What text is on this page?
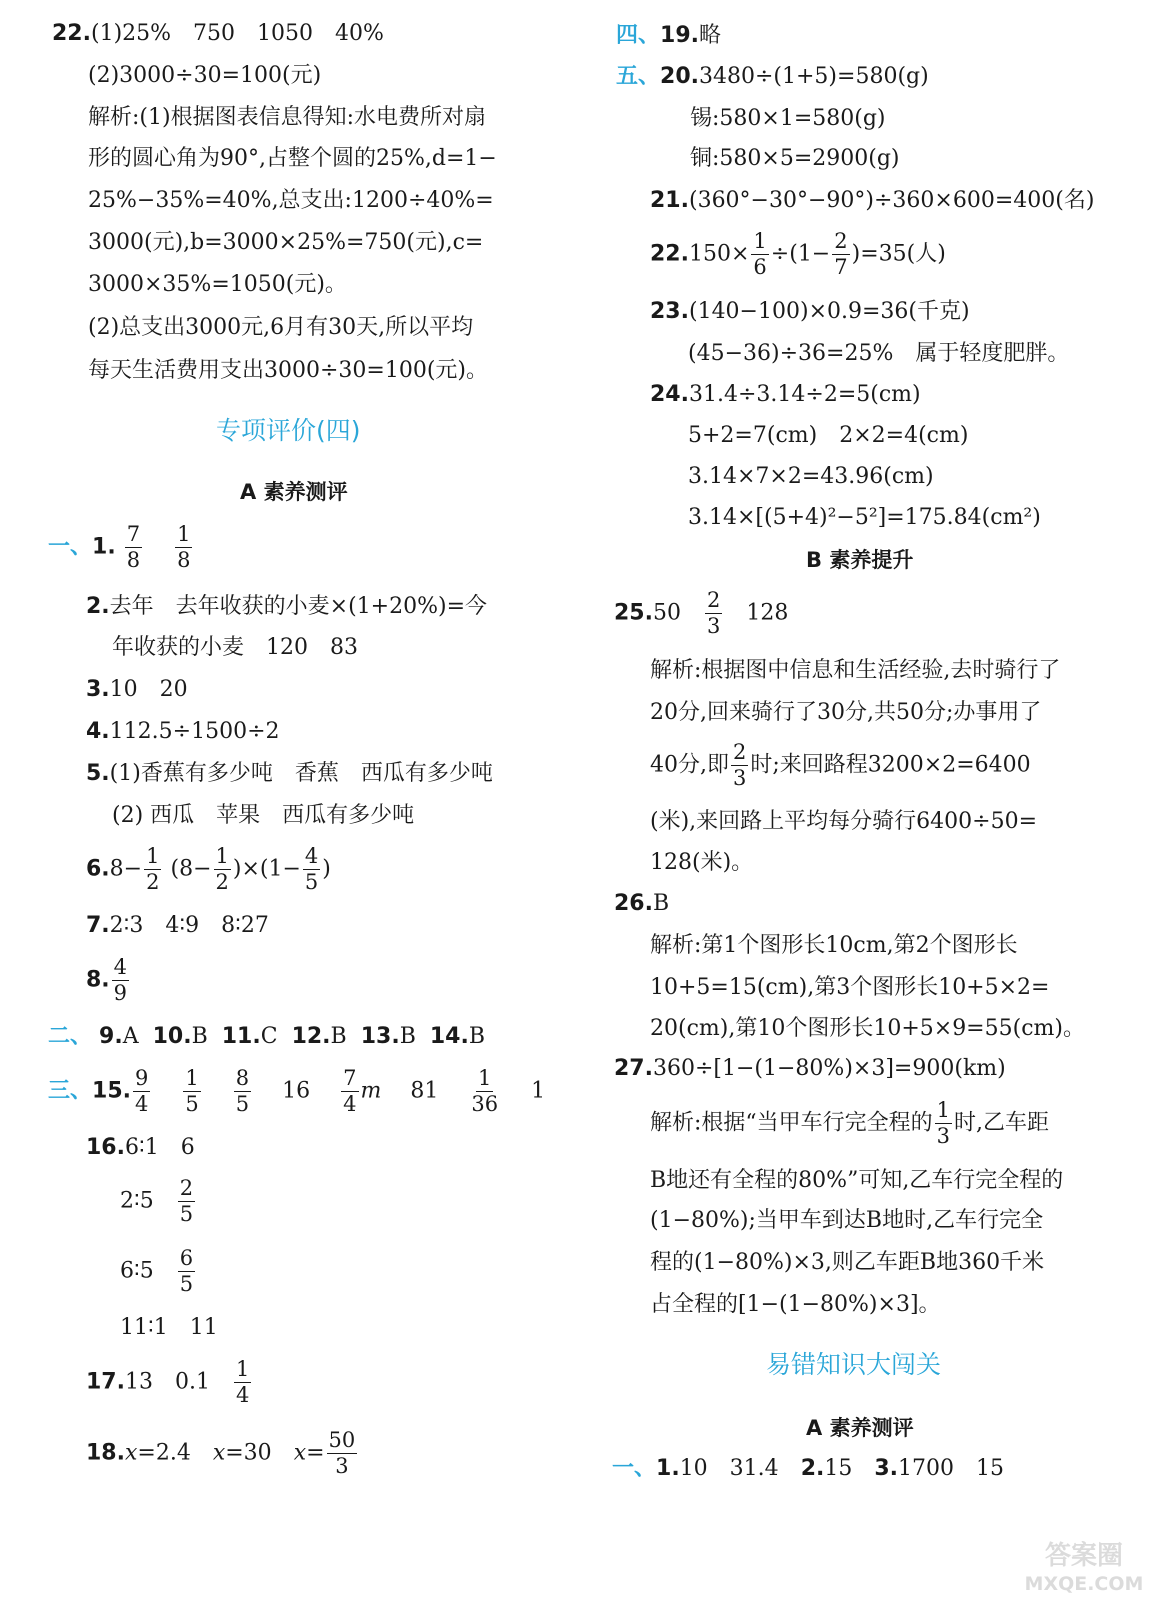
22.(1)25%　750　1050　40%
(2)3000÷30=100(元)
解析:(1)根据图表信息得知:水电费所对扇
形的圆心角为90°,占整个圆的25%,d=1−
25%−35%=40%,总支出:1200÷40%=
3000(元),b=3000×25%=750(元),c=
3000×35%=1050(元)。
(2)总支出3000元,6月有30天,所以平均
每天生活费用支出3000÷30=100(元)。
专项评价(四)
A 素养测评
一、1. $\frac{7}{8}$
　 $\frac{1}{8}$
2.去年　去年收获的小麦×(1+20%)=今
年收获的小麦　120　83
3.10　20
4.112.5÷1500÷2
5.(1)香蕉有多少吨　香蕉　西瓜有多少吨
(2) 西瓜　苹果　西瓜有多少吨
$6.8- \frac{1}{2} (8- \frac{1}{2} )\times(1- \frac{4}{5}$ )
7.2∶3　4∶9　8∶27
8. $\frac{4}{9}$
二、 9.A 10.B 11.C 12.B 13.B 14.B
三、15. $\frac{9}{4}$
　 $\frac{1}{5}$
　 $\frac{8}{5}$
　 16 　 $\frac{7}{4}$ m 　 81 　 $\frac{1}{36}$
　 1
16.6∶1　6
2∶5　 $\frac{2}{5}$
6∶5　 $\frac{6}{5}$
11∶1　11
17.13　0.1　 $\frac{1}{4}$
18.x=2.4　x=30　$x= \frac{50}{3}$
四、19.略
五、20.3480÷(1+5)=580(g)
锡:580×1=580(g)
铜:580×5=2900(g)
21.(360°−30°−90°)÷360×600=400(名)
$22.150\times \frac{1}{6} \div(1- \frac{2}{7} )=35$(人)
23.(140−100)×0.9=36(千克)
(45−36)÷36=25%　属于轻度肥胖。
24.31.4÷3.14÷2=5(cm)
5+2=7(cm)　2×2=4(cm)
3.14×7×2=43.96(cm)
3.14×[(5+4)²−5²]=175.84(cm²)
B 素养提升
25.50　 $\frac{2}{3}$
　 128
解析:根据图中信息和生活经验,去时骑行了
20分,回来骑行了30分,共50分;办事用了
40分,即 $\frac{2}{3}$ 时;来回路程3200×2=6400
(米),来回路上平均每分骑行6400÷50=
128(米)。
26.B
解析:第1个图形长10cm,第2个图形长
10+5=15(cm),第3个图形长10+5×2=
20(cm),第10个图形长10+5×9=55(cm)。
27.360÷[1−(1−80%)×3]=900(km)
解析:根据“当甲车行完全程的 $\frac{1}{3}$ 时,乙车距
B地还有全程的80%”可知,乙车行完全程的
(1−80%);当甲车到达B地时,乙车行完全
程的(1−80%)×3,则乙车距B地360千米
占全程的[1−(1−80%)×3]。
易错知识大闯关
A 素养测评
一、1.10　31.4　 2.15　 3.1700　15
答案圈
MXQE.COM
